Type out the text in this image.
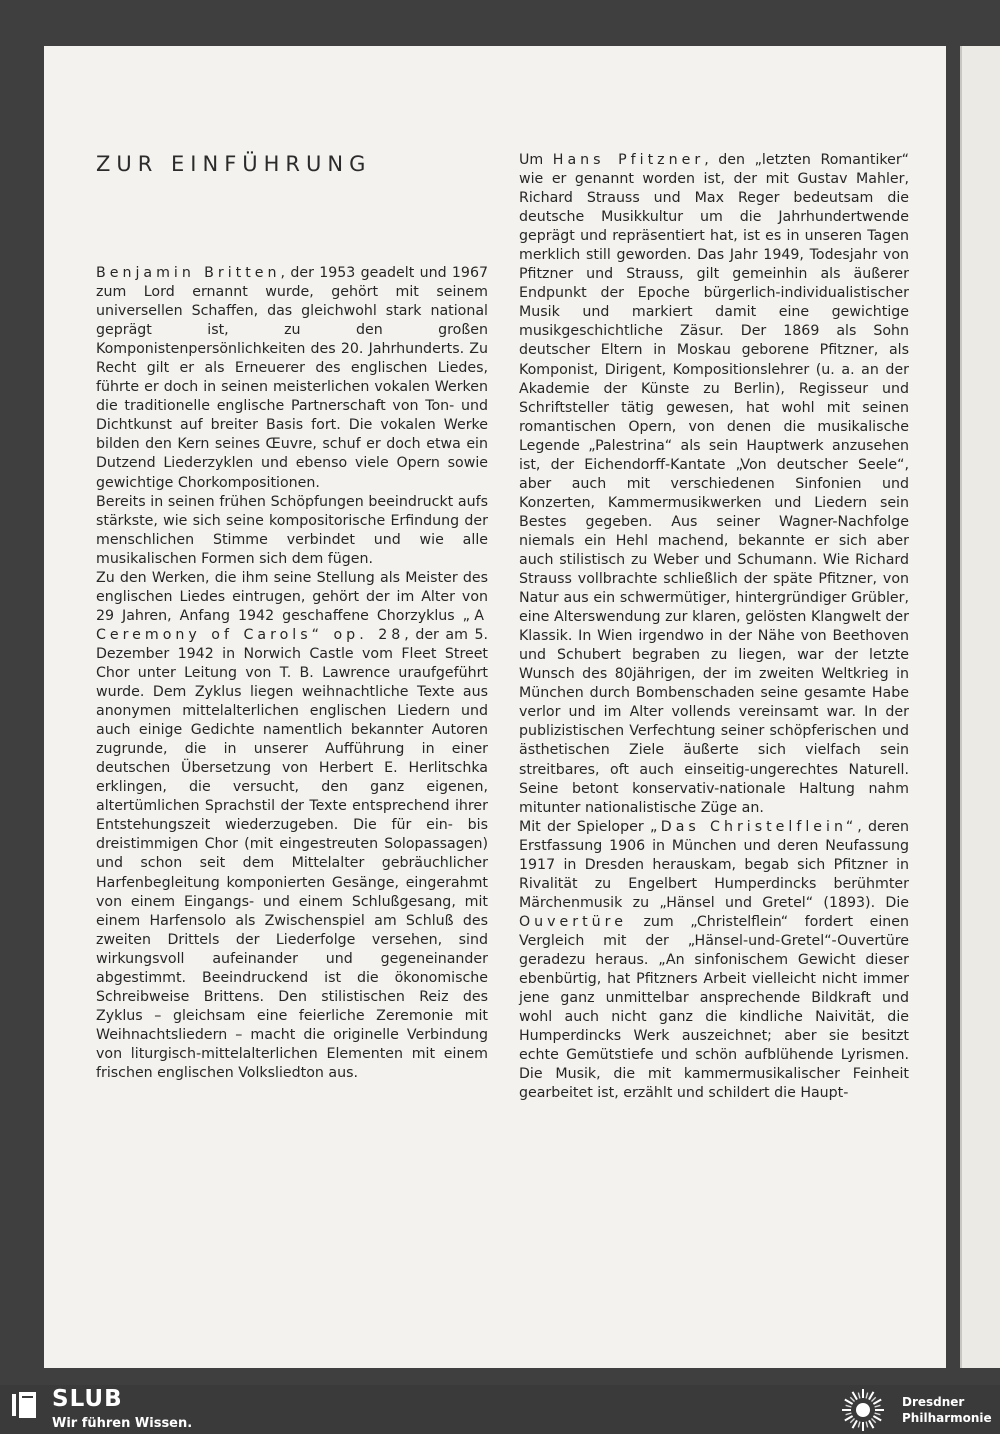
ZUR EINFÜHRUNG

Benjamin Britten, der 1953 geadelt und 1967 zum Lord ernannt wurde, gehört mit seinem universellen Schaffen, das gleichwohl stark national geprägt ist, zu den großen Komponistenpersönlichkeiten des 20. Jahrhunderts. Zu Recht gilt er als Erneuerer des englischen Liedes, führte er doch in seinen meisterlichen vokalen Werken die traditionelle englische Partnerschaft von Ton- und Dichtkunst auf breiter Basis fort. Die vokalen Werke bilden den Kern seines Œuvre, schuf er doch etwa ein Dutzend Liederzyklen und ebenso viele Opern sowie gewichtige Chorkompositionen.

Bereits in seinen frühen Schöpfungen beeindruckt aufs stärkste, wie sich seine kompositorische Erfindung der menschlichen Stimme verbindet und wie alle musikalischen Formen sich dem fügen.

Zu den Werken, die ihm seine Stellung als Meister des englischen Liedes eintrugen, gehört der im Alter von 29 Jahren, Anfang 1942 geschaffene Chorzyklus „A Ceremony of Carols“ op. 28, der am 5. Dezember 1942 in Norwich Castle vom Fleet Street Chor unter Leitung von T. B. Lawrence uraufgeführt wurde. Dem Zyklus liegen weihnachtliche Texte aus anonymen mittelalterlichen englischen Liedern und auch einige Gedichte namentlich bekannter Autoren zugrunde, die in unserer Aufführung in einer deutschen Übersetzung von Herbert E. Herlitschka erklingen, die versucht, den ganz eigenen, altertümlichen Sprachstil der Texte entsprechend ihrer Entstehungszeit wiederzugeben. Die für ein- bis dreistimmigen Chor (mit eingestreuten Solopassagen) und schon seit dem Mittelalter gebräuchlicher Harfenbegleitung komponierten Gesänge, eingerahmt von einem Eingangs- und einem Schlußgesang, mit einem Harfensolo als Zwischenspiel am Schluß des zweiten Drittels der Liederfolge versehen, sind wirkungsvoll aufeinander und gegeneinander abgestimmt. Beeindruckend ist die ökonomische Schreibweise Brittens. Den stilistischen Reiz des Zyklus – gleichsam eine feierliche Zeremonie mit Weihnachtsliedern – macht die originelle Verbindung von liturgisch-mittelalterlichen Elementen mit einem frischen englischen Volksliedton aus.

Um Hans Pfitzner, den „letzten Romantiker“ wie er genannt worden ist, der mit Gustav Mahler, Richard Strauss und Max Reger bedeutsam die deutsche Musikkultur um die Jahrhundertwende geprägt und repräsentiert hat, ist es in unseren Tagen merklich still geworden. Das Jahr 1949, Todesjahr von Pfitzner und Strauss, gilt gemeinhin als äußerer Endpunkt der Epoche bürgerlich-individualistischer Musik und markiert damit eine gewichtige musikgeschichtliche Zäsur. Der 1869 als Sohn deutscher Eltern in Moskau geborene Pfitzner, als Komponist, Dirigent, Kompositionslehrer (u. a. an der Akademie der Künste zu Berlin), Regisseur und Schriftsteller tätig gewesen, hat wohl mit seinen romantischen Opern, von denen die musikalische Legende „Palestrina“ als sein Hauptwerk anzusehen ist, der Eichendorff-Kantate „Von deutscher Seele“, aber auch mit verschiedenen Sinfonien und Konzerten, Kammermusikwerken und Liedern sein Bestes gegeben. Aus seiner Wagner-Nachfolge niemals ein Hehl machend, bekannte er sich aber auch stilistisch zu Weber und Schumann. Wie Richard Strauss vollbrachte schließlich der späte Pfitzner, von Natur aus ein schwermütiger, hintergründiger Grübler, eine Alterswendung zur klaren, gelösten Klangwelt der Klassik. In Wien irgendwo in der Nähe von Beethoven und Schubert begraben zu liegen, war der letzte Wunsch des 80jährigen, der im zweiten Weltkrieg in München durch Bombenschaden seine gesamte Habe verlor und im Alter vollends vereinsamt war. In der publizistischen Verfechtung seiner schöpferischen und ästhetischen Ziele äußerte sich vielfach sein streitbares, oft auch einseitig-ungerechtes Naturell. Seine betont konservativ-nationale Haltung nahm mitunter nationalistische Züge an.

Mit der Spieloper „Das Christelflein“, deren Erstfassung 1906 in München und deren Neufassung 1917 in Dresden herauskam, begab sich Pfitzner in Rivalität zu Engelbert Humperdincks berühmter Märchenmusik zu „Hänsel und Gretel“ (1893). Die Ouvertüre zum „Christelflein“ fordert einen Vergleich mit der „Hänsel-und-Gretel“-Ouvertüre geradezu heraus. „An sinfonischem Gewicht dieser ebenbürtig, hat Pfitzners Arbeit vielleicht nicht immer jene ganz unmittelbar ansprechende Bildkraft und wohl auch nicht ganz die kindliche Naivität, die Humperdincks Werk auszeichnet; aber sie besitzt echte Gemütstiefe und schön aufblühende Lyrismen. Die Musik, die mit kammermusikalischer Feinheit gearbeitet ist, erzählt und schildert die Haupt-

SLUB
Wir führen Wissen.
Dresdner
Philharmonie
